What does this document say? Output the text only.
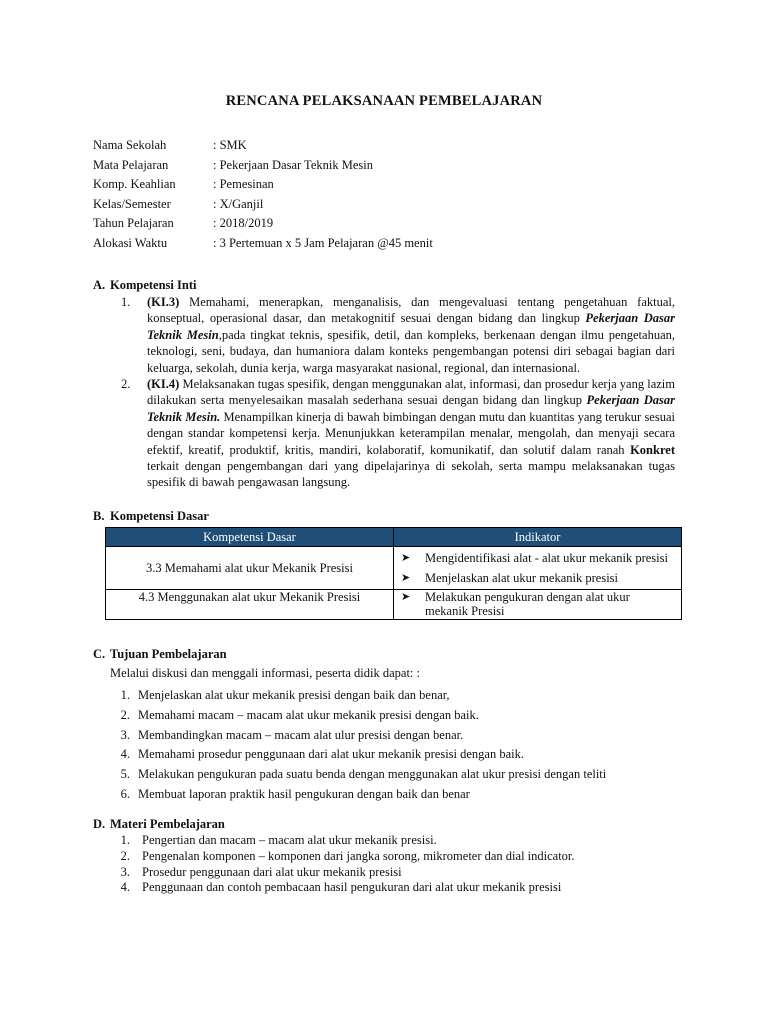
RENCANA PELAKSANAAN PEMBELAJARAN
Nama Sekolah	: SMK
Mata Pelajaran	: Pekerjaan Dasar Teknik Mesin
Komp. Keahlian	: Pemesinan
Kelas/Semester	: X/Ganjil
Tahun Pelajaran	: 2018/2019
Alokasi Waktu	: 3 Pertemuan x 5 Jam Pelajaran @45 menit
A. Kompetensi Inti
1.	(KI.3) Memahami, menerapkan, menganalisis, dan mengevaluasi tentang pengetahuan faktual, konseptual, operasional dasar, dan metakognitif sesuai dengan bidang dan lingkup Pekerjaan Dasar Teknik Mesin,pada tingkat teknis, spesifik, detil, dan kompleks, berkenaan dengan ilmu pengetahuan, teknologi, seni, budaya, dan humaniora dalam konteks pengembangan potensi diri sebagai bagian dari keluarga, sekolah, dunia kerja, warga masyarakat nasional, regional, dan internasional.
2.	(KI.4) Melaksanakan tugas spesifik, dengan menggunakan alat, informasi, dan prosedur kerja yang lazim dilakukan serta menyelesaikan masalah sederhana sesuai dengan bidang dan lingkup Pekerjaan Dasar Teknik Mesin. Menampilkan kinerja di bawah bimbingan dengan mutu dan kuantitas yang terukur sesuai dengan standar kompetensi kerja. Menunjukkan keterampilan menalar, mengolah, dan menyaji secara efektif, kreatif, produktif, kritis, mandiri, kolaboratif, komunikatif, dan solutif dalam ranah Konkret terkait dengan pengembangan dari yang dipelajarinya di sekolah, serta mampu melaksanakan tugas spesifik di bawah pengawasan langsung.
B. Kompetensi Dasar
Kompetensi Dasar	Indikator
3.3 Memahami alat ukur Mekanik Presisi	➤ Mengidentifikasi alat - alat ukur mekanik presisi
➤ Menjelaskan alat ukur mekanik presisi

4.3 Menggunakan alat ukur Mekanik Presisi	➤ Melakukan pengukuran dengan alat ukur mekanik Presisi
C. Tujuan Pembelajaran
Melalui diskusi dan menggali informasi, peserta didik dapat: :
1. Menjelaskan alat ukur mekanik presisi dengan baik dan benar,
2. Memahami macam – macam alat ukur mekanik presisi dengan baik.
3. Membandingkan macam – macam alat ulur presisi dengan benar.
4. Memahami prosedur penggunaan dari alat ukur mekanik presisi dengan baik.
5. Melakukan pengukuran pada suatu benda dengan menggunakan alat ukur presisi dengan teliti
6. Membuat laporan praktik hasil pengukuran dengan baik dan benar
D. Materi Pembelajaran
1. Pengertian dan macam – macam alat ukur mekanik presisi.
2. Pengenalan komponen – komponen dari jangka sorong, mikrometer dan dial indicator.
3. Prosedur penggunaan dari alat ukur mekanik presisi
4. Penggunaan dan contoh pembacaan hasil pengukuran dari alat ukur mekanik presisi
